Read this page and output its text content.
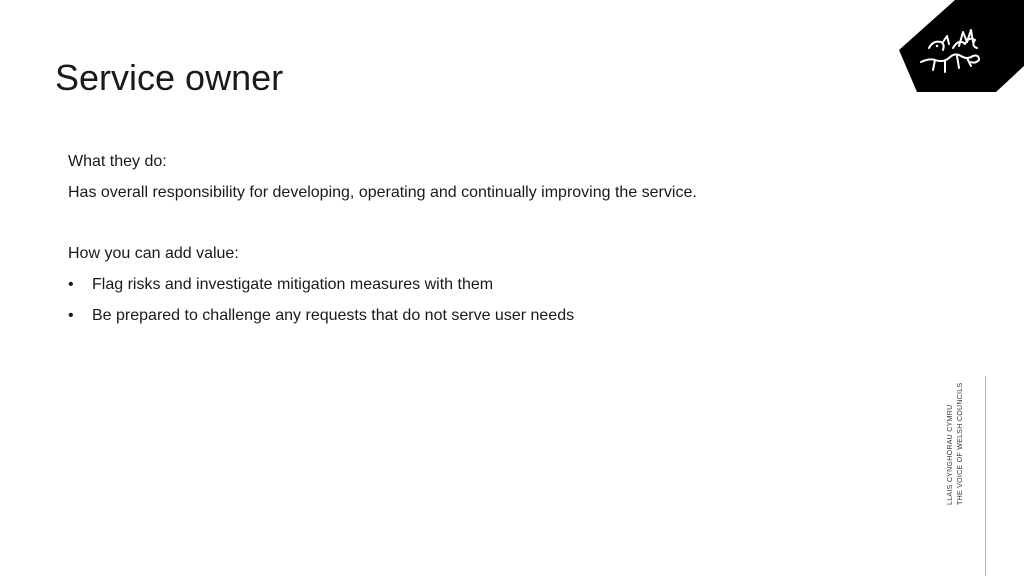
Service owner

What they do:

Has overall responsibility for developing, operating and continually improving the service.

How you can add value:

• Flag risks and investigate mitigation measures with them
• Be prepared to challenge any requests that do not serve user needs
LLAIS CYNGHORAU CYMRU THE VOICE OF WELSH COUNCILS
